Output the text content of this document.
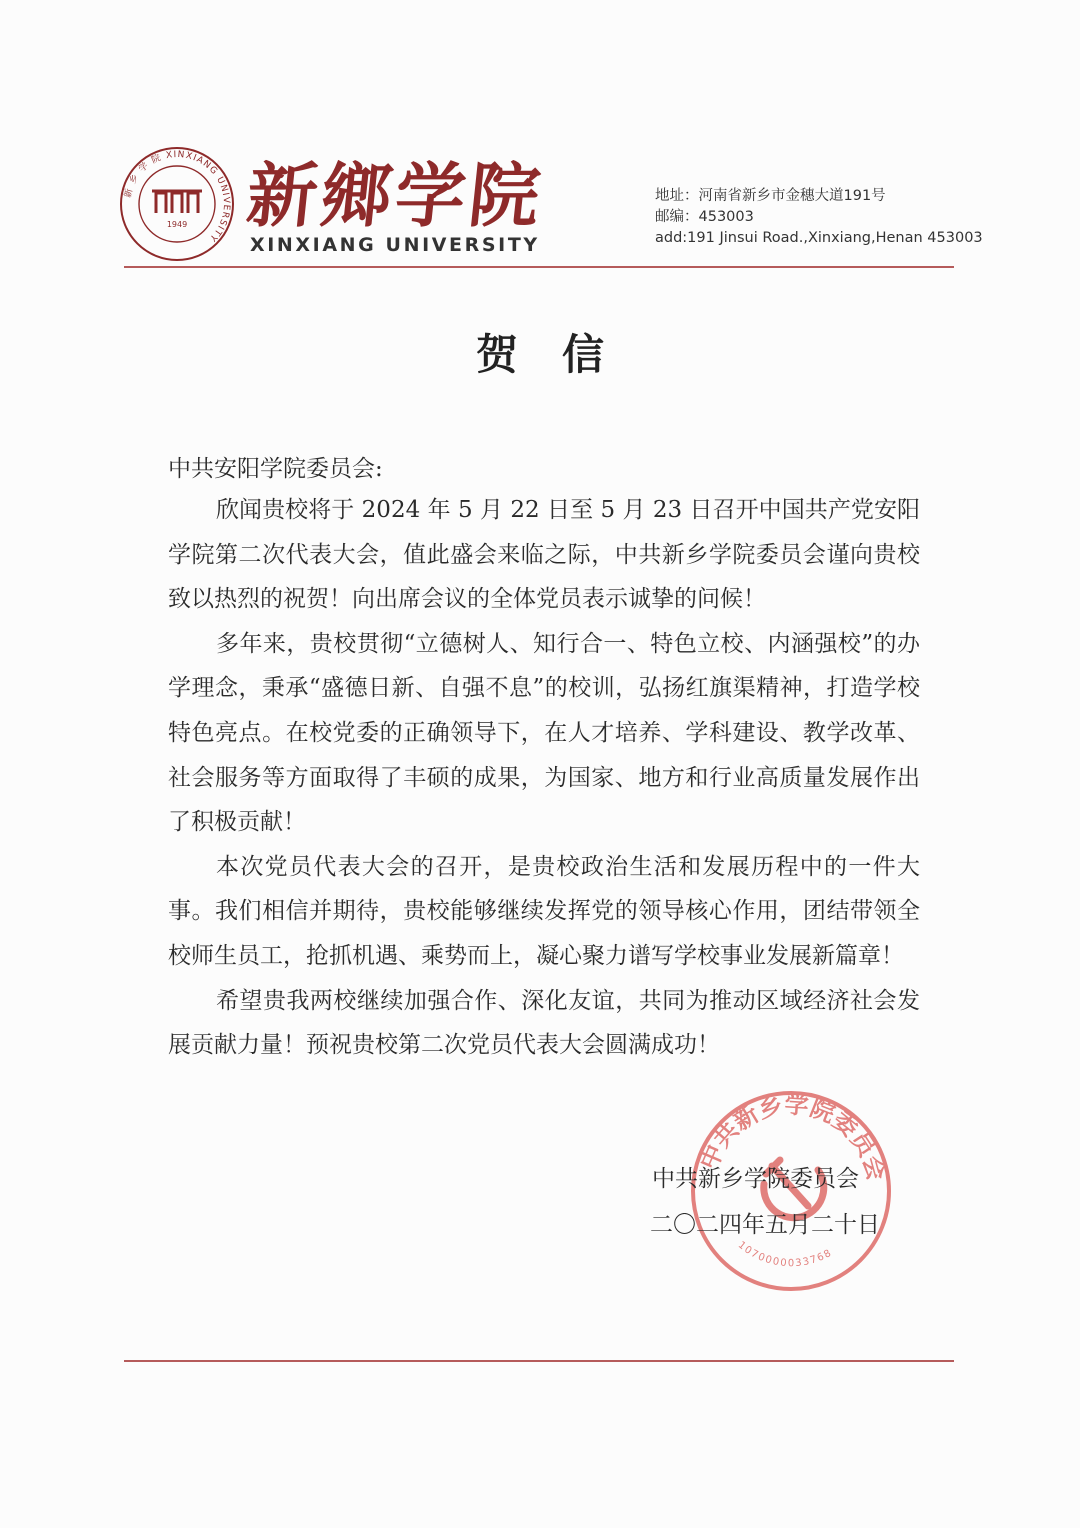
新 乡 学 院 XINXIANG UNIVERSITY
1949 新鄉学院
XINXIANG UNIVERSITY
地址：河南省新乡市金穗大道191号
邮编：453003
add:191 Jinsui Road.,Xinxiang,Henan 453003
贺信
中共安阳学院委员会:

欣闻贵校将于 2024 年 5 月 22 日至 5 月 23 日召开中国共产党安阳学院第二次代表大会，值此盛会来临之际，中共新乡学院委员会谨向贵校致以热烈的祝贺！向出席会议的全体党员表示诚挚的问候！

多年来，贵校贯彻“立德树人、知行合一、特色立校、内涵强校”的办学理念，秉承“盛德日新、自强不息”的校训，弘扬红旗渠精神，打造学校特色亮点。在校党委的正确领导下，在人才培养、学科建设、教学改革、社会服务等方面取得了丰硕的成果，为国家、地方和行业高质量发展作出了积极贡献！

本次党员代表大会的召开，是贵校政治生活和发展历程中的一件大事。我们相信并期待，贵校能够继续发挥党的领导核心作用，团结带领全校师生员工，抢抓机遇、乘势而上，凝心聚力谱写学校事业发展新篇章！

希望贵我两校继续加强合作、深化友谊，共同为推动区域经济社会发展贡献力量！预祝贵校第二次党员代表大会圆满成功！

中共新乡学院委员会
1070000033768
中共新乡学院委员会
二〇二四年五月二十日
